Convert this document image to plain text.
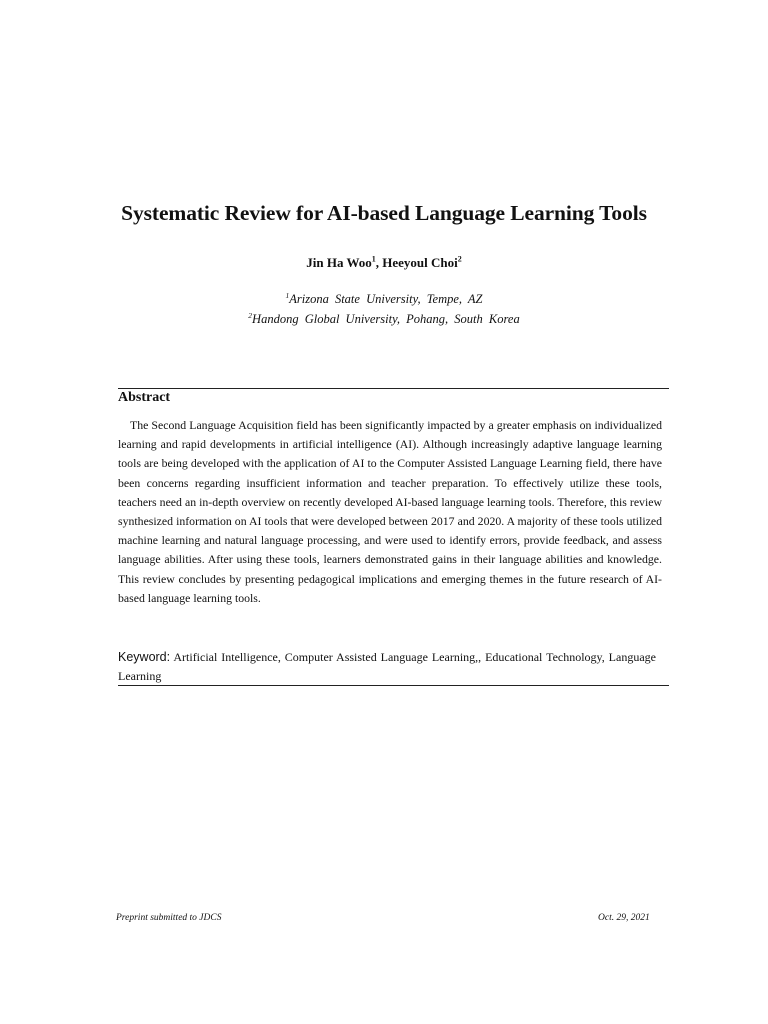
Systematic Review for AI-based Language Learning Tools
Jin Ha Woo$^1$, Heeyoul Choi$^2$
$^1$Arizona State University, Tempe, AZ
$^2$Handong Global University, Pohang, South Korea
Abstract

The Second Language Acquisition field has been significantly impacted by a greater emphasis on individualized learning and rapid developments in artificial intelligence (AI). Although increasingly adaptive language learning tools are being developed with the application of AI to the Computer Assisted Language Learning field, there have been concerns regarding insufficient information and teacher preparation. To effectively utilize these tools, teachers need an in-depth overview on recently developed AI-based language learning tools. Therefore, this review synthesized information on AI tools that were developed between 2017 and 2020. A majority of these tools utilized machine learning and natural language processing, and were used to identify errors, provide feedback, and assess language abilities. After using these tools, learners demonstrated gains in their language abilities and knowledge. This review concludes by presenting pedagogical implications and emerging themes in the future research of AI-based language learning tools.

Keyword: Artificial Intelligence, Computer Assisted Language Learning,, Educational Technology, Language Learning

Preprint submitted to JDCS	Oct. 29, 2021
